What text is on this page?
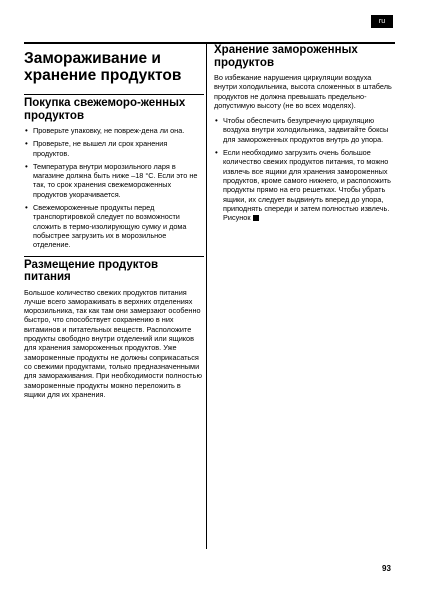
ru
Замораживание и хранение продуктов
Покупка свежеморо-женных продуктов
• Проверьте упаковку, не повреж-дена ли она.
• Проверьте, не вышел ли срок хранения продуктов.
• Температура внутри морозильного ларя в магазине должна быть ниже –18 °С. Если это не так, то срок хранения свежемороженных продуктов укорачивается.
• Свежемороженные продукты перед транспортировкой следует по возможности сложить в термо-изолирующую сумку и дома побыстрее загрузить их в морозильное отделение.
Размещение продуктов питания

Большое количество свежих продуктов питания лучше всего замораживать в верхних отделениях морозильника, так как там они замерзают особенно быстро, что способствует сохранению в них витаминов и питательных веществ. Расположите продукты свободно внутри отделений или ящиков для хранения замороженных продуктов. Уже замороженные продукты не должны соприкасаться со свежими продуктами, только предназначенными для замораживания. При необходимости полностью замороженные продукты можно переложить в ящики для их хранения.

Хранение замороженных продуктов

Во избежание нарушения циркуляции воздуха внутри холодильника, высота сложенных в штабель продуктов не должна превышать предельно-допустимую высоту (не во всех моделях).

• Чтобы обеспечить безупречную циркуляцию воздуха внутри холодильника, задвигайте боксы для замороженных продуктов внутрь до упора.
• Если необходимо загрузить очень большое количество свежих продуктов питания, то можно извлечь все ящики для хранения замороженных продуктов, кроме самого нижнего, и расположить продукты прямо на его решетках. Чтобы убрать ящики, их следует выдвинуть вперед до упора, приподнять спереди и затем полностью извлечь. Рисунок
93
